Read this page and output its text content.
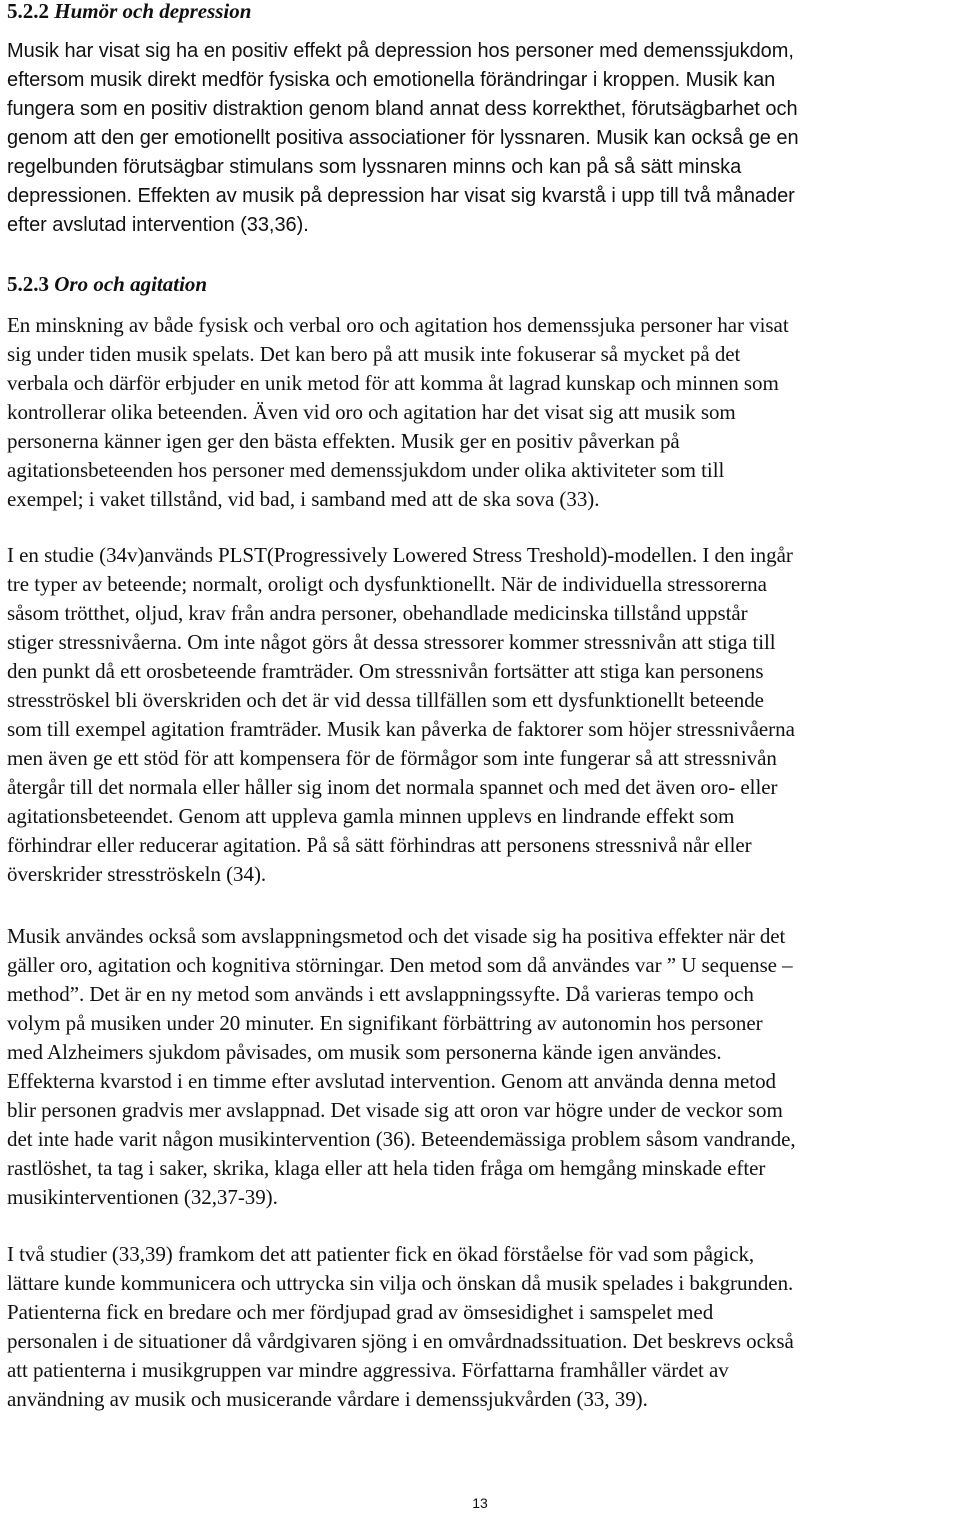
5.2.2 Humör och depression

Musik har visat sig ha en positiv effekt på depression hos personer med demenssjukdom,
eftersom musik direkt medför fysiska och emotionella förändringar i kroppen. Musik kan
fungera som en positiv distraktion genom bland annat dess korrekthet, förutsägbarhet och
genom att den ger emotionellt positiva associationer för lyssnaren. Musik kan också ge en
regelbunden förutsägbar stimulans som lyssnaren minns och kan på så sätt minska
depressionen. Effekten av musik på depression har visat sig kvarstå i upp till två månader
efter avslutad intervention (33,36).

5.2.3 Oro och agitation

En minskning av både fysisk och verbal oro och agitation hos demenssjuka personer har visat
sig under tiden musik spelats. Det kan bero på att musik inte fokuserar så mycket på det
verbala och därför erbjuder en unik metod för att komma åt lagrad kunskap och minnen som
kontrollerar olika beteenden. Även vid oro och agitation har det visat sig att musik som
personerna känner igen ger den bästa effekten. Musik ger en positiv påverkan på
agitationsbeteenden hos personer med demenssjukdom under olika aktiviteter som till
exempel; i vaket tillstånd, vid bad, i samband med att de ska sova (33).

I en studie (34v)används PLST(Progressively Lowered Stress Treshold)-modellen. I den ingår
tre typer av beteende; normalt, oroligt och dysfunktionellt. När de individuella stressorerna
såsom trötthet, oljud, krav från andra personer, obehandlade medicinska tillstånd uppstår
stiger stressnivåerna. Om inte något görs åt dessa stressorer kommer stressnivån att stiga till
den punkt då ett orosbeteende framträder. Om stressnivån fortsätter att stiga kan personens
stresströskel bli överskriden och det är vid dessa tillfällen som ett dysfunktionellt beteende
som till exempel agitation framträder. Musik kan påverka de faktorer som höjer stressnivåerna
men även ge ett stöd för att kompensera för de förmågor som inte fungerar så att stressnivån
återgår till det normala eller håller sig inom det normala spannet och med det även oro- eller
agitationsbeteendet. Genom att uppleva gamla minnen upplevs en lindrande effekt som
förhindrar eller reducerar agitation. På så sätt förhindras att personens stressnivå når eller
överskrider stresströskeln (34).

Musik användes också som avslappningsmetod och det visade sig ha positiva effekter när det
gäller oro, agitation och kognitiva störningar. Den metod som då användes var ” U sequense –
method”. Det är en ny metod som används i ett avslappningssyfte. Då varieras tempo och
volym på musiken under 20 minuter. En signifikant förbättring av autonomin hos personer
med Alzheimers sjukdom påvisades, om musik som personerna kände igen användes.
Effekterna kvarstod i en timme efter avslutad intervention. Genom att använda denna metod
blir personen gradvis mer avslappnad. Det visade sig att oron var högre under de veckor som
det inte hade varit någon musikintervention (36). Beteendemässiga problem såsom vandrande,
rastlöshet, ta tag i saker, skrika, klaga eller att hela tiden fråga om hemgång minskade efter
musikinterventionen (32,37-39).

I två studier (33,39) framkom det att patienter fick en ökad förståelse för vad som pågick,
lättare kunde kommunicera och uttrycka sin vilja och önskan då musik spelades i bakgrunden.
Patienterna fick en bredare och mer fördjupad grad av ömsesidighet i samspelet med
personalen i de situationer då vårdgivaren sjöng i en omvårdnadssituation. Det beskrevs också
att patienterna i musikgruppen var mindre aggressiva. Författarna framhåller värdet av
användning av musik och musicerande vårdare i demenssjukvården (33, 39).

13
